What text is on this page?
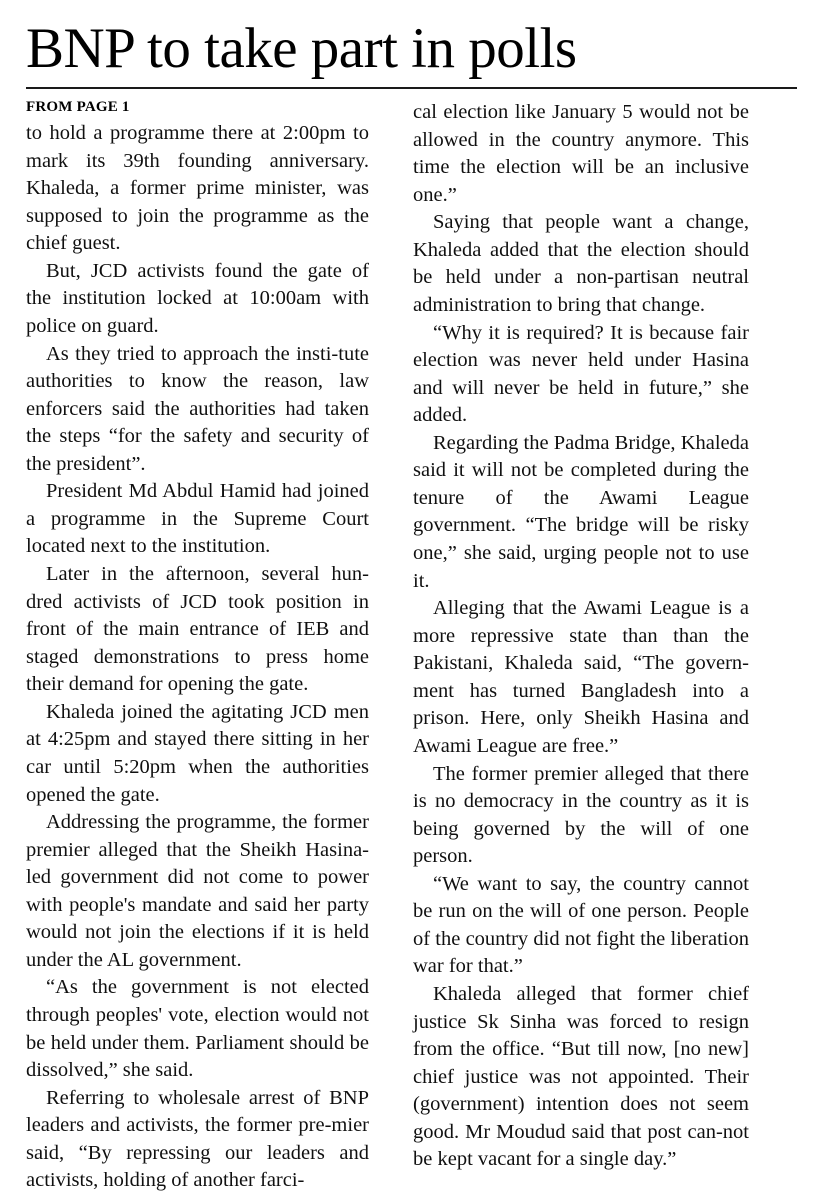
BNP to take part in polls
FROM PAGE 1

to hold a programme there at 2:00pm to mark its 39th founding anniversary. Khaleda, a former prime minister, was supposed to join the programme as the chief guest.

But, JCD activists found the gate of the institution locked at 10:00am with police on guard.

As they tried to approach the insti-tute authorities to know the reason, law enforcers said the authorities had taken the steps “for the safety and security of the president”.

President Md Abdul Hamid had joined a programme in the Supreme Court located next to the institution.

Later in the afternoon, several hun-dred activists of JCD took position in front of the main entrance of IEB and staged demonstrations to press home their demand for opening the gate.

Khaleda joined the agitating JCD men at 4:25pm and stayed there sitting in her car until 5:20pm when the authorities opened the gate.

Addressing the programme, the former premier alleged that the Sheikh Hasina-led government did not come to power with people's mandate and said her party would not join the elections if it is held under the AL government.

“As the government is not elected through peoples' vote, election would not be held under them. Parliament should be dissolved,” she said.

Referring to wholesale arrest of BNP leaders and activists, the former pre-mier said, “By repressing our leaders and activists, holding of another farci-

cal election like January 5 would not be allowed in the country anymore. This time the election will be an inclusive one.”

Saying that people want a change, Khaleda added that the election should be held under a non-partisan neutral administration to bring that change.

“Why it is required? It is because fair election was never held under Hasina and will never be held in future,” she added.

Regarding the Padma Bridge, Khaleda said it will not be completed during the tenure of the Awami League government. “The bridge will be risky one,” she said, urging people not to use it.

Alleging that the Awami League is a more repressive state than than the Pakistani, Khaleda said, “The govern-ment has turned Bangladesh into a prison. Here, only Sheikh Hasina and Awami League are free.”

The former premier alleged that there is no democracy in the country as it is being governed by the will of one person.

“We want to say, the country cannot be run on the will of one person. People of the country did not fight the liberation war for that.”

Khaleda alleged that former chief justice Sk Sinha was forced to resign from the office. “But till now, [no new] chief justice was not appointed. Their (government) intention does not seem good. Mr Moudud said that post can-not be kept vacant for a single day.”
